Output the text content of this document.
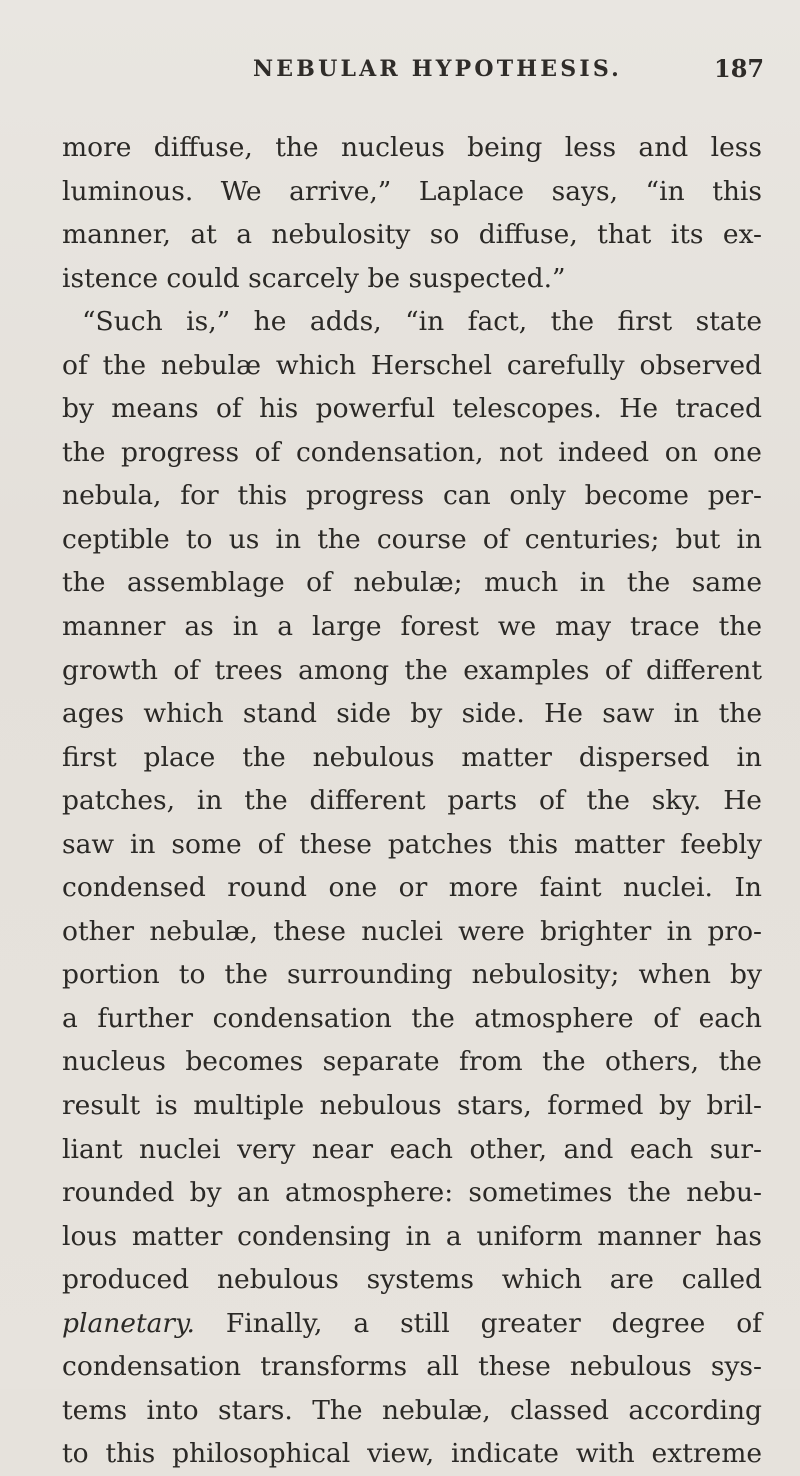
NEBULAR HYPOTHESIS.	187
more diffuse, the nucleus being less and less
luminous. We arrive,” Laplace says, “in this
manner, at a nebulosity so diffuse, that its ex-
istence could scarcely be suspected.”
“Such is,” he adds, “in fact, the first state
of the nebulæ which Herschel carefully observed
by means of his powerful telescopes. He traced
the progress of condensation, not indeed on one
nebula, for this progress can only become per-
ceptible to us in the course of centuries; but in
the assemblage of nebulæ; much in the same
manner as in a large forest we may trace the
growth of trees among the examples of different
ages which stand side by side. He saw in the
first place the nebulous matter dispersed in
patches, in the different parts of the sky. He
saw in some of these patches this matter feebly
condensed round one or more faint nuclei. In
other nebulæ, these nuclei were brighter in pro-
portion to the surrounding nebulosity; when by
a further condensation the atmosphere of each
nucleus becomes separate from the others, the
result is multiple nebulous stars, formed by bril-
liant nuclei very near each other, and each sur-
rounded by an atmosphere: sometimes the nebu-
lous matter condensing in a uniform manner has
produced nebulous systems which are called
planetary. Finally, a still greater degree of
condensation transforms all these nebulous sys-
tems into stars. The nebulæ, classed according
to this philosophical view, indicate with extreme
